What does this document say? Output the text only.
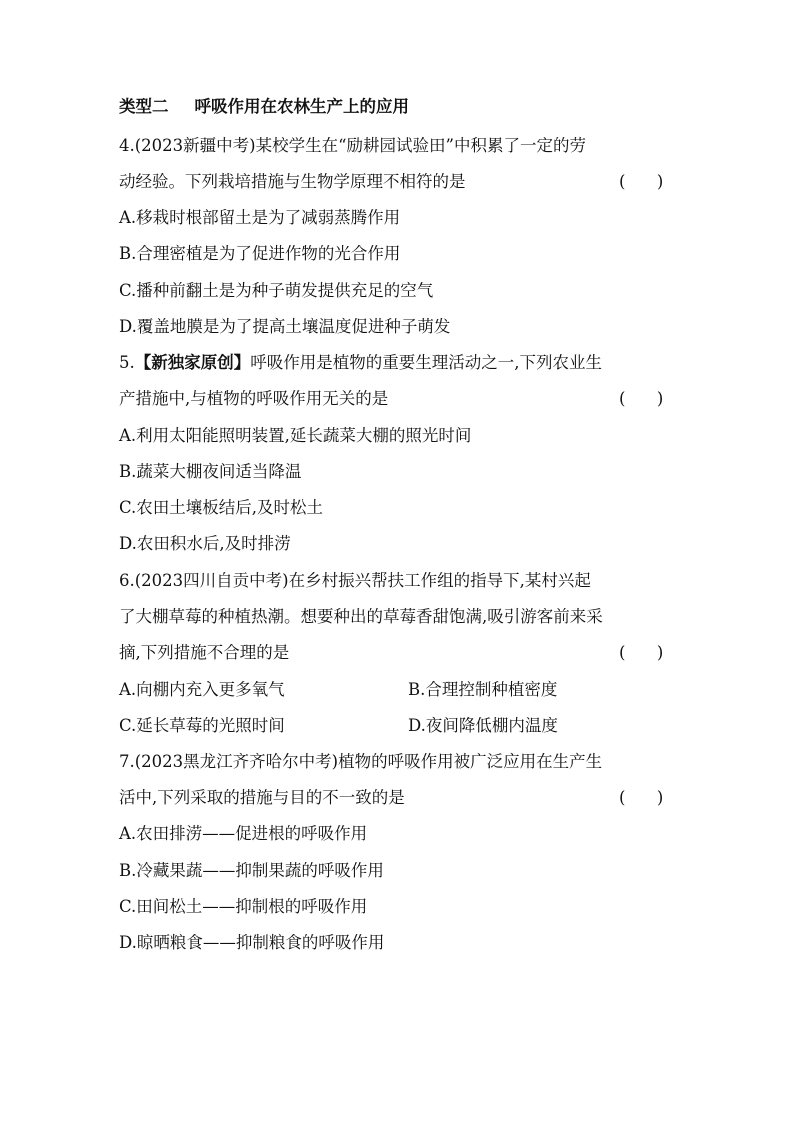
类型二 呼吸作用在农林生产上的应用
4.(2023新疆中考)某校学生在“励耕园试验田”中积累了一定的劳
动经验。下列栽培措施与生物学原理不相符的是	(      )
A.移栽时根部留土是为了减弱蒸腾作用
B.合理密植是为了促进作物的光合作用
C.播种前翻土是为种子萌发提供充足的空气
D.覆盖地膜是为了提高土壤温度促进种子萌发
5.【新独家原创】呼吸作用是植物的重要生理活动之一,下列农业生
产措施中,与植物的呼吸作用无关的是	(      )
A.利用太阳能照明装置,延长蔬菜大棚的照光时间
B.蔬菜大棚夜间适当降温
C.农田土壤板结后,及时松土
D.农田积水后,及时排涝
6.(2023四川自贡中考)在乡村振兴帮扶工作组的指导下,某村兴起
了大棚草莓的种植热潮。想要种出的草莓香甜饱满,吸引游客前来采
摘,下列措施不合理的是	(      )
A.向棚内充入更多氧气	B.合理控制种植密度
C.延长草莓的光照时间	D.夜间降低棚内温度
7.(2023黑龙江齐齐哈尔中考)植物的呼吸作用被广泛应用在生产生
活中,下列采取的措施与目的不一致的是	(      )
A.农田排涝——促进根的呼吸作用
B.冷藏果蔬——抑制果蔬的呼吸作用
C.田间松土——抑制根的呼吸作用
D.晾晒粮食——抑制粮食的呼吸作用
